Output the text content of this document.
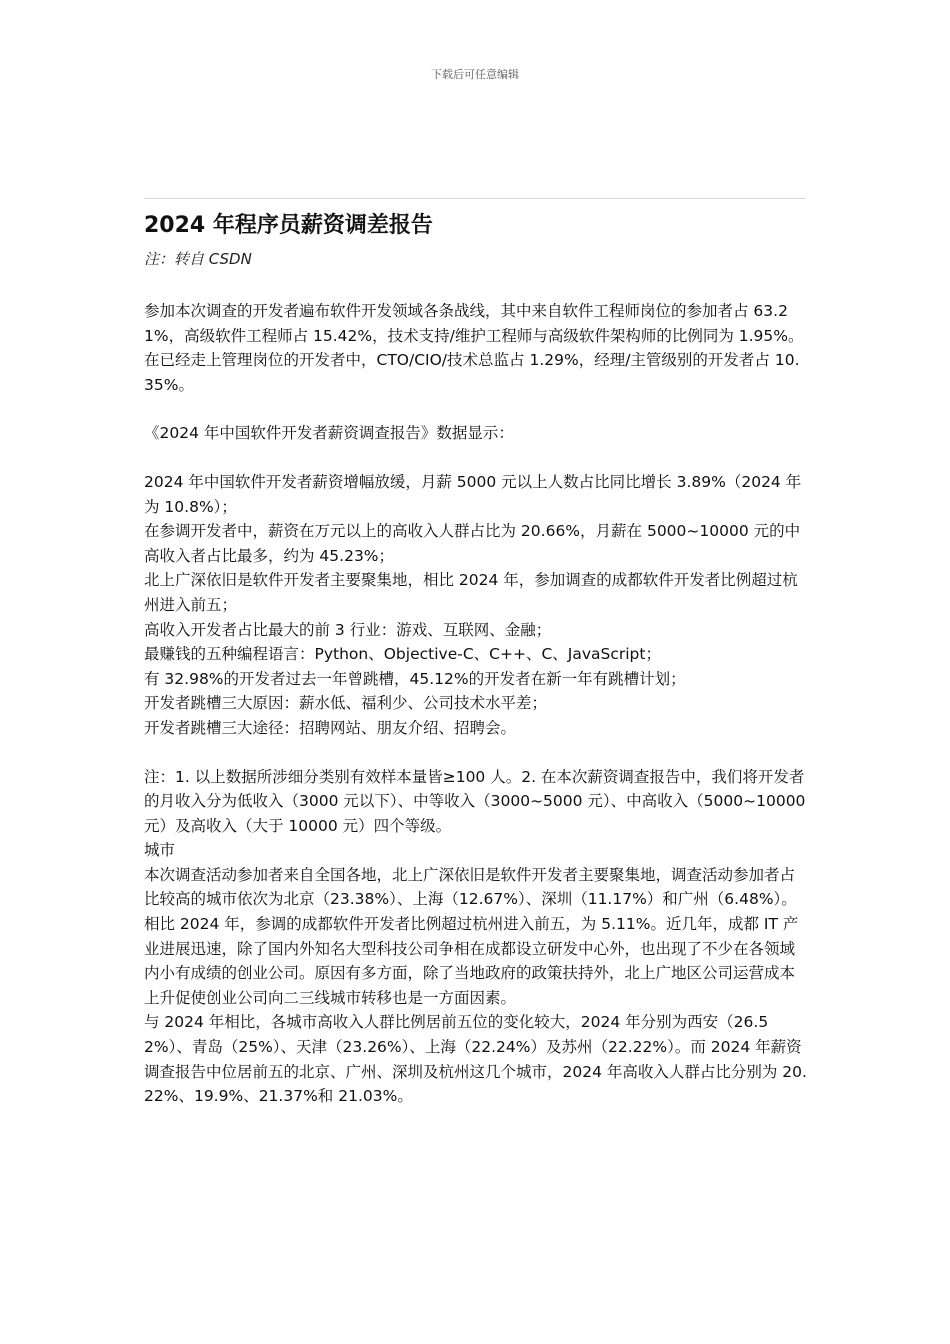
下载后可任意编辑
2024 年程序员薪资调差报告

注：转自 CSDN

参加本次调查的开发者遍布软件开发领域各条战线，其中来自软件工程师岗位的参加者占 63.21%，高级软件工程师占 15.42%，技术支持/维护工程师与高级软件架构师的比例同为 1.95%。在已经走上管理岗位的开发者中，CTO/CIO/技术总监占 1.29%，经理/主管级别的开发者占 10.35%。

《2024 年中国软件开发者薪资调查报告》数据显示：

2024 年中国软件开发者薪资增幅放缓，月薪 5000 元以上人数占比同比增长 3.89%（2024 年为 10.8%）；

在参调开发者中，薪资在万元以上的高收入人群占比为 20.66%，月薪在 5000~10000 元的中高收入者占比最多，约为 45.23%；

北上广深依旧是软件开发者主要聚集地，相比 2024 年，参加调查的成都软件开发者比例超过杭州进入前五；

高收入开发者占比最大的前 3 行业：游戏、互联网、金融；

最赚钱的五种编程语言：Python、Objective-C、C++、C、JavaScript；

有 32.98%的开发者过去一年曾跳槽，45.12%的开发者在新一年有跳槽计划；

开发者跳槽三大原因：薪水低、福利少、公司技术水平差；

开发者跳槽三大途径：招聘网站、朋友介绍、招聘会。

注：1. 以上数据所涉细分类别有效样本量皆≥100 人。2. 在本次薪资调查报告中，我们将开发者的月收入分为低收入（3000 元以下）、中等收入（3000~5000 元）、中高收入（5000~10000 元）及高收入（大于 10000 元）四个等级。

城市

本次调查活动参加者来自全国各地，北上广深依旧是软件开发者主要聚集地，调查活动参加者占比较高的城市依次为北京（23.38%）、上海（12.67%）、深圳（11.17%）和广州（6.48%）。相比 2024 年，参调的成都软件开发者比例超过杭州进入前五，为 5.11%。近几年，成都 IT 产业进展迅速，除了国内外知名大型科技公司争相在成都设立研发中心外，也出现了不少在各领域内小有成绩的创业公司。原因有多方面，除了当地政府的政策扶持外，北上广地区公司运营成本上升促使创业公司向二三线城市转移也是一方面因素。

与 2024 年相比，各城市高收入人群比例居前五位的变化较大，2024 年分别为西安（26.52%）、青岛（25%）、天津（23.26%）、上海（22.24%）及苏州（22.22%）。而 2024 年薪资调查报告中位居前五的北京、广州、深圳及杭州这几个城市，2024 年高收入人群占比分别为 20.22%、19.9%、21.37%和 21.03%。
